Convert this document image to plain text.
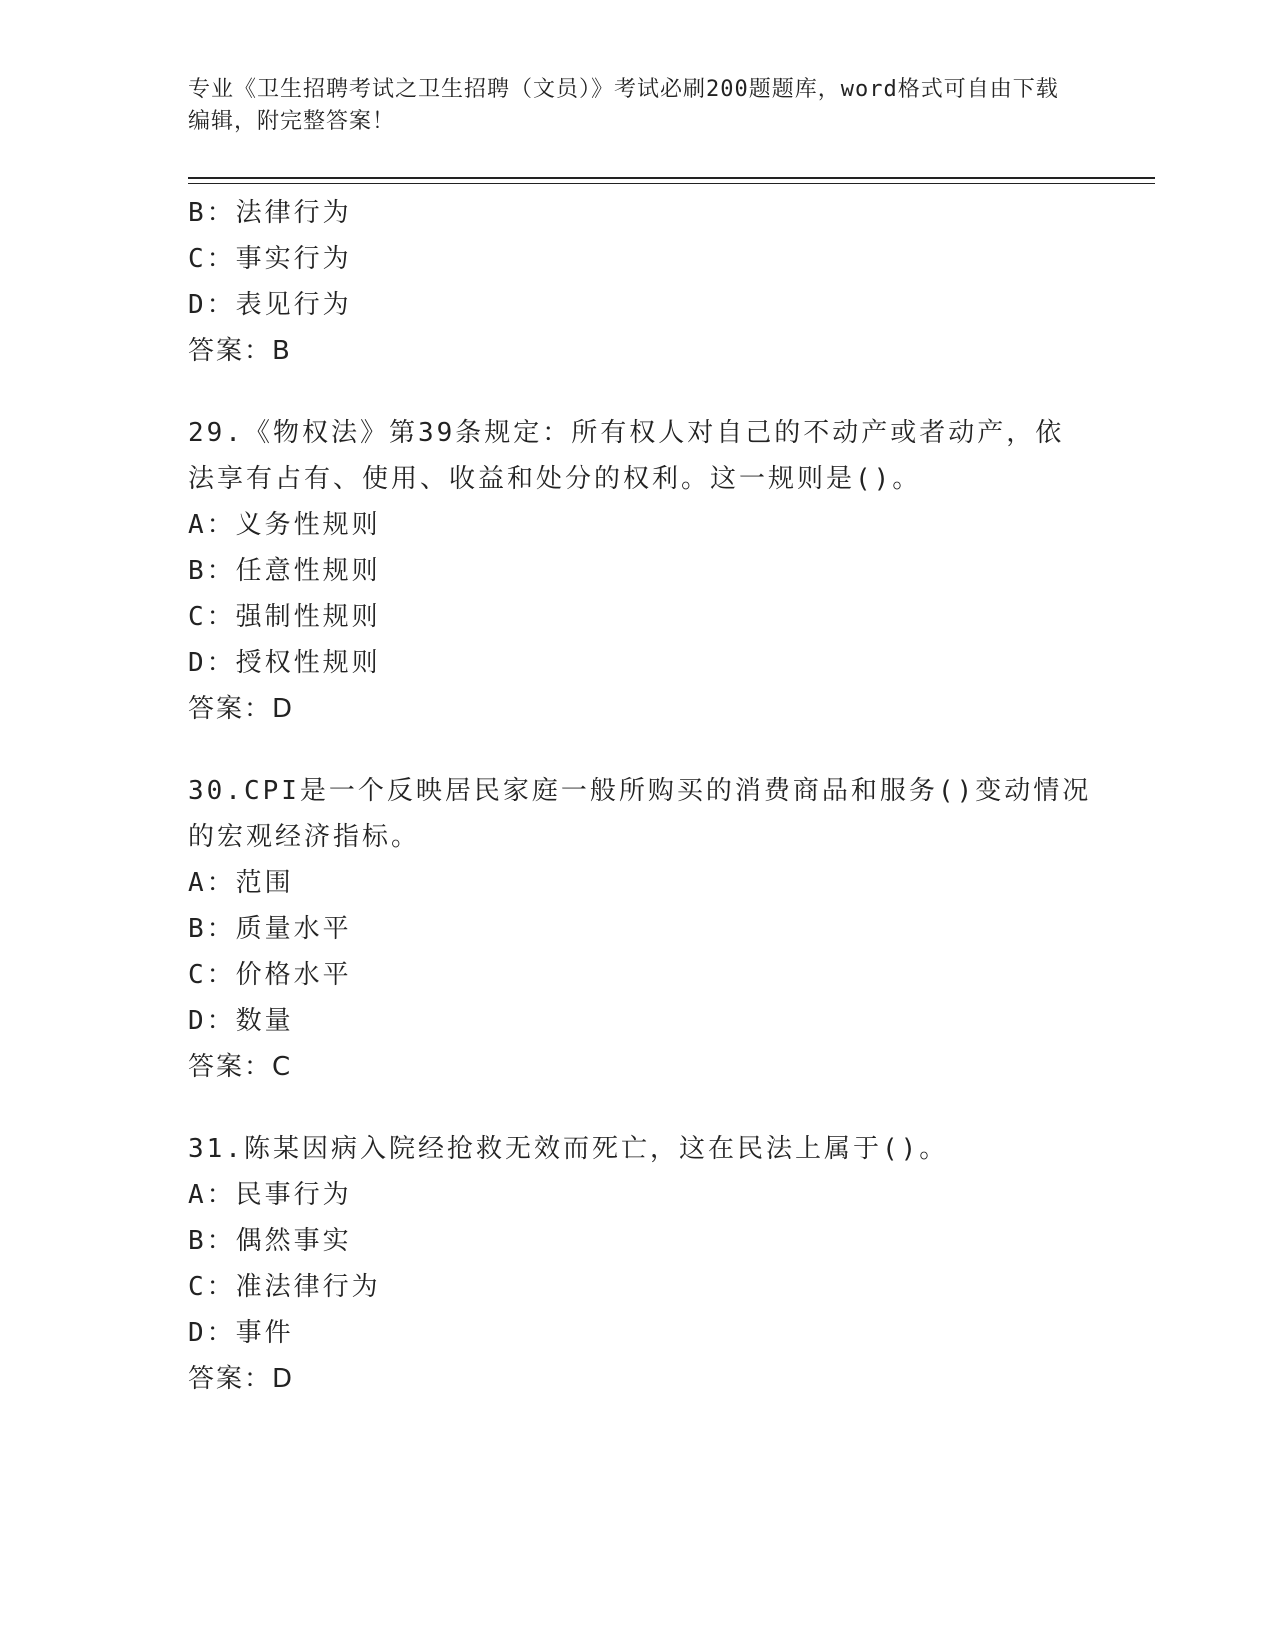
专业《卫生招聘考试之卫生招聘（文员）》考试必刷200题题库，word格式可自由下载编辑，附完整答案！
B：法律行为
C：事实行为
D：表见行为
答案：B
29.《物权法》第39条规定：所有权人对自己的不动产或者动产，依
法享有占有、使用、收益和处分的权利。这一规则是()。
A：义务性规则
B：任意性规则
C：强制性规则
D：授权性规则
答案：D
30.CPI是一个反映居民家庭一般所购买的消费商品和服务()变动情况
的宏观经济指标。
A：范围
B：质量水平
C：价格水平
D：数量
答案：C
31.陈某因病入院经抢救无效而死亡，这在民法上属于()。
A：民事行为
B：偶然事实
C：准法律行为
D：事件
答案：D
